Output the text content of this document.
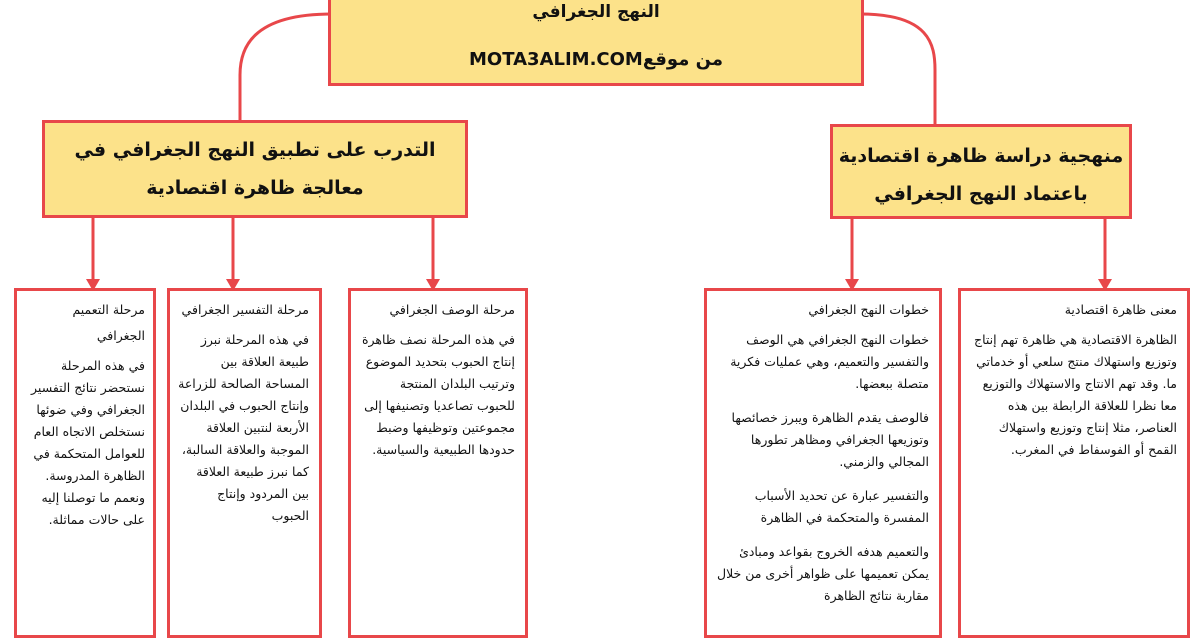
النهج الجغرافي
من موقعMOTA3ALIM.COM
التدرب على تطبيق النهج الجغرافي في معالجة ظاهرة اقتصادية
منهجية دراسة ظاهرة اقتصادية باعتماد النهج الجغرافي
مرحلة التعميم الجغرافي
في هذه المرحلة نستحضر نتائج التفسير الجغرافي وفي ضوئها نستخلص الاتجاه العام للعوامل المتحكمة في الظاهرة المدروسة. ونعمم ما توصلنا إليه على حالات مماثلة.
مرحلة التفسير الجغرافي
في هذه المرحلة نبرز طبيعة العلاقة بين المساحة الصالحة للزراعة وإنتاج الحبوب في البلدان الأربعة لنتبين العلاقة الموجبة والعلاقة السالبة، كما نبرز طبيعة العلاقة بين المردود وإنتاج الحبوب
مرحلة الوصف الجغرافي
في هذه المرحلة نصف ظاهرة إنتاج الحبوب بتحديد الموضوع وترتيب البلدان المنتجة للحبوب تصاعديا وتصنيفها إلى مجموعتين وتوظيفها وضبط حدودها الطبيعية والسياسية.
خطوات النهج الجغرافي
خطوات النهج الجغرافي هي الوصف والتفسير والتعميم، وهي عمليات فكرية متصلة ببعضها.
فالوصف يقدم الظاهرة ويبرز خصائصها وتوزيعها الجغرافي ومظاهر تطورها المجالي والزمني.
والتفسير عبارة عن تحديد الأسباب المفسرة والمتحكمة في الظاهرة
والتعميم هدفه الخروج بقواعد ومبادئ يمكن تعميمها على ظواهر أخرى من خلال مقاربة نتائج الظاهرة
معنى ظاهرة اقتصادية
الظاهرة الاقتصادية هي ظاهرة تهم إنتاج وتوزيع واستهلاك منتج سلعي أو خدماتي ما. وقد تهم الانتاج والاستهلاك والتوزيع معا نظرا للعلاقة الرابطة بين هذه العناصر، مثلا إنتاج وتوزيع واستهلاك القمح أو الفوسفاط في المغرب.
